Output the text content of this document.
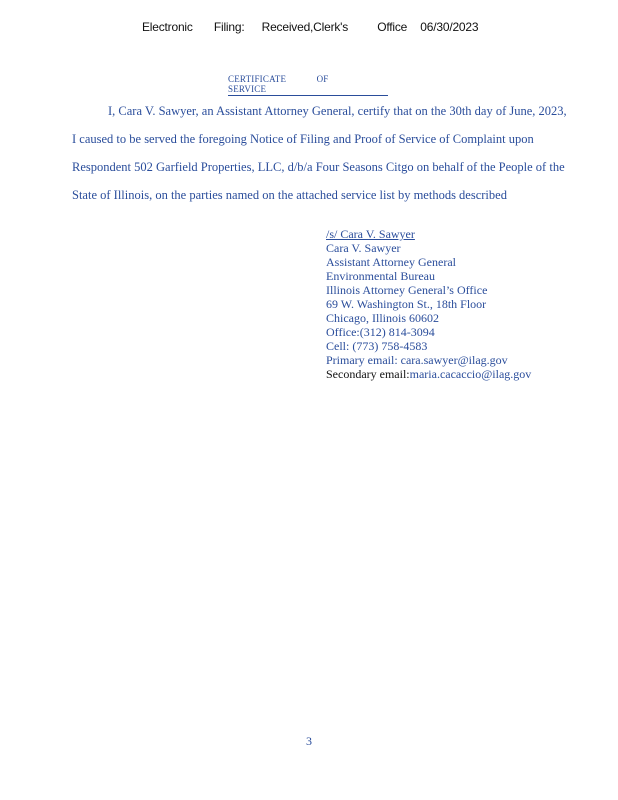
Electronic Filing: Received,Clerk's Office 06/30/2023
CERTIFICATE OF SERVICE

I, Cara V. Sawyer, an Assistant Attorney General, certify that on the 30th day of June, 2023, I caused to be served the foregoing Notice of Filing and Proof of Service of Complaint upon Respondent 502 Garfield Properties, LLC, d/b/a Four Seasons Citgo on behalf of the People of the State of Illinois, on the parties named on the attached service list by methods described

/s/ Cara V. Sawyer
Cara V. Sawyer
Assistant Attorney General
Environmental Bureau
Illinois Attorney General’s Office
69 W. Washington St., 18th Floor
Chicago, Illinois 60602
Office:(312) 814-3094
Cell: (773) 758-4583
Primary email: cara.sawyer@ilag.gov
Secondary email:maria.cacaccio@ilag.gov
3
